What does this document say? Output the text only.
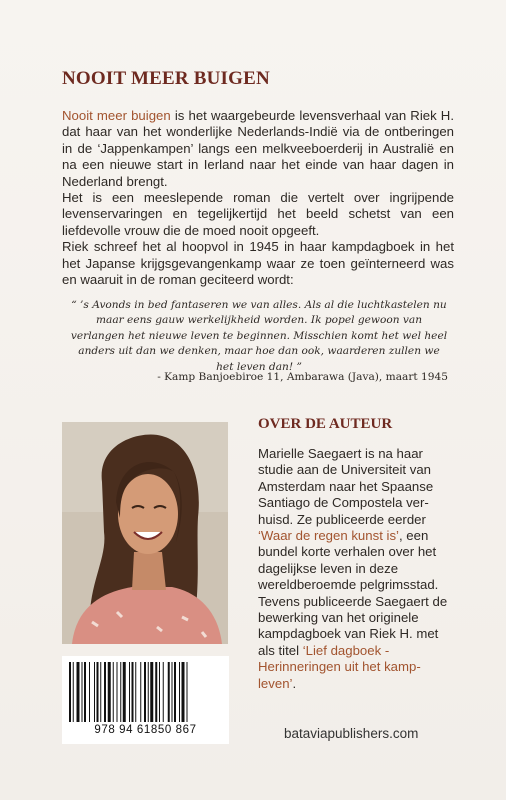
NOOIT MEER BUIGEN

Nooit meer buigen is het waargebeurde levensverhaal van Riek H. dat haar van het wonderlijke Nederlands-Indië via de ontberingen in de ‘Jappenkampen’ langs een melkveeboerderij in Australië en na een nieuwe start in Ierland naar het einde van haar dagen in Nederland brengt.

Het is een meeslepende roman die vertelt over ingrijpende levenservaringen en tegelijkertijd het beeld schetst van een liefdevolle vrouw die de moed nooit opgeeft.

Riek schreef het al hoopvol in 1945 in haar kampdagboek in het het Japanse krijgsgevangenkamp waar ze toen geïnterneerd was en waaruit in de roman geciteerd wordt:

“ ’s Avonds in bed fantaseren we van alles. Als al die luchtkastelen nu maar eens gauw werkelijkheid worden. Ik popel gewoon van verlangen het nieuwe leven te beginnen. Misschien komt het wel heel anders uit dan we denken, maar hoe dan ook, waarderen zullen we het leven dan! ”
- Kamp Banjoebiroe 11, Ambarawa (Java), maart 1945
OVER DE AUTEUR
Marielle Saegaert is na haar studie aan de Universiteit van Amsterdam naar het Spaanse Santiago de Compostela ver-huisd. Ze publiceerde eerder ‘Waar de regen kunst is’, een bundel korte verhalen over het dagelijkse leven in deze wereldberoemde pelgrimsstad.
Tevens publiceerde Saegaert de bewerking van het originele kampdagboek van Riek H. met als titel ‘Lief dagboek - Herinneringen uit het kamp-leven’.
978 94 61850 867	bataviapublishers.com
